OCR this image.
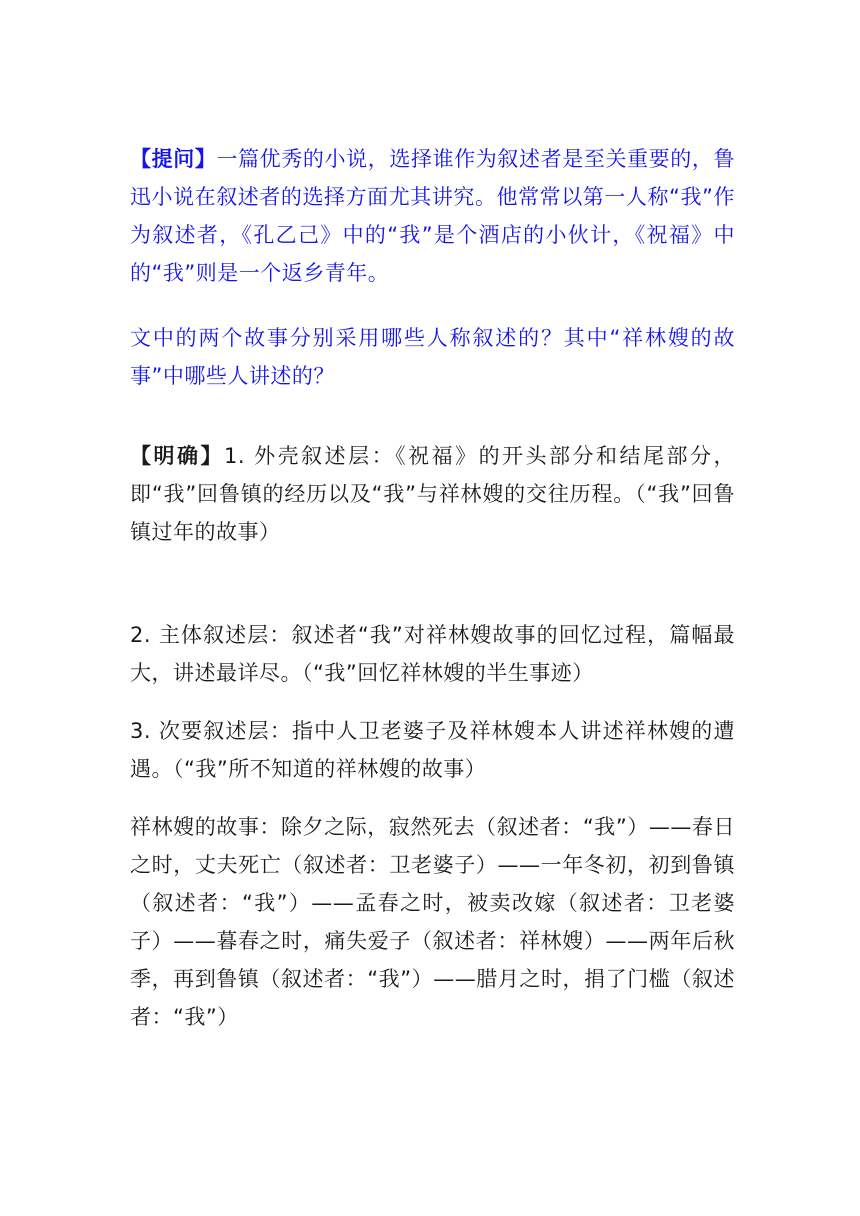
【提问】一篇优秀的小说，选择谁作为叙述者是至关重要的，鲁迅小说在叙述者的选择方面尤其讲究。他常常以第一人称“我”作为叙述者，《孔乙己》中的“我”是个酒店的小伙计，《祝福》中的“我”则是一个返乡青年。

文中的两个故事分别采用哪些人称叙述的？其中“祥林嫂的故事”中哪些人讲述的？

【明确】1. 外壳叙述层：《祝福》的开头部分和结尾部分，即“我”回鲁镇的经历以及“我”与祥林嫂的交往历程。（“我”回鲁镇过年的故事）

2. 主体叙述层：叙述者“我”对祥林嫂故事的回忆过程，篇幅最大，讲述最详尽。（“我”回忆祥林嫂的半生事迹）

3. 次要叙述层：指中人卫老婆子及祥林嫂本人讲述祥林嫂的遭遇。（“我”所不知道的祥林嫂的故事）

祥林嫂的故事：除夕之际，寂然死去（叙述者：“我”）——春日之时，丈夫死亡（叙述者：卫老婆子）——一年冬初，初到鲁镇（叙述者：“我”）——孟春之时，被卖改嫁（叙述者：卫老婆子）——暮春之时，痛失爱子（叙述者：祥林嫂）——两年后秋季，再到鲁镇（叙述者：“我”）——腊月之时，捐了门槛（叙述者：“我”）
